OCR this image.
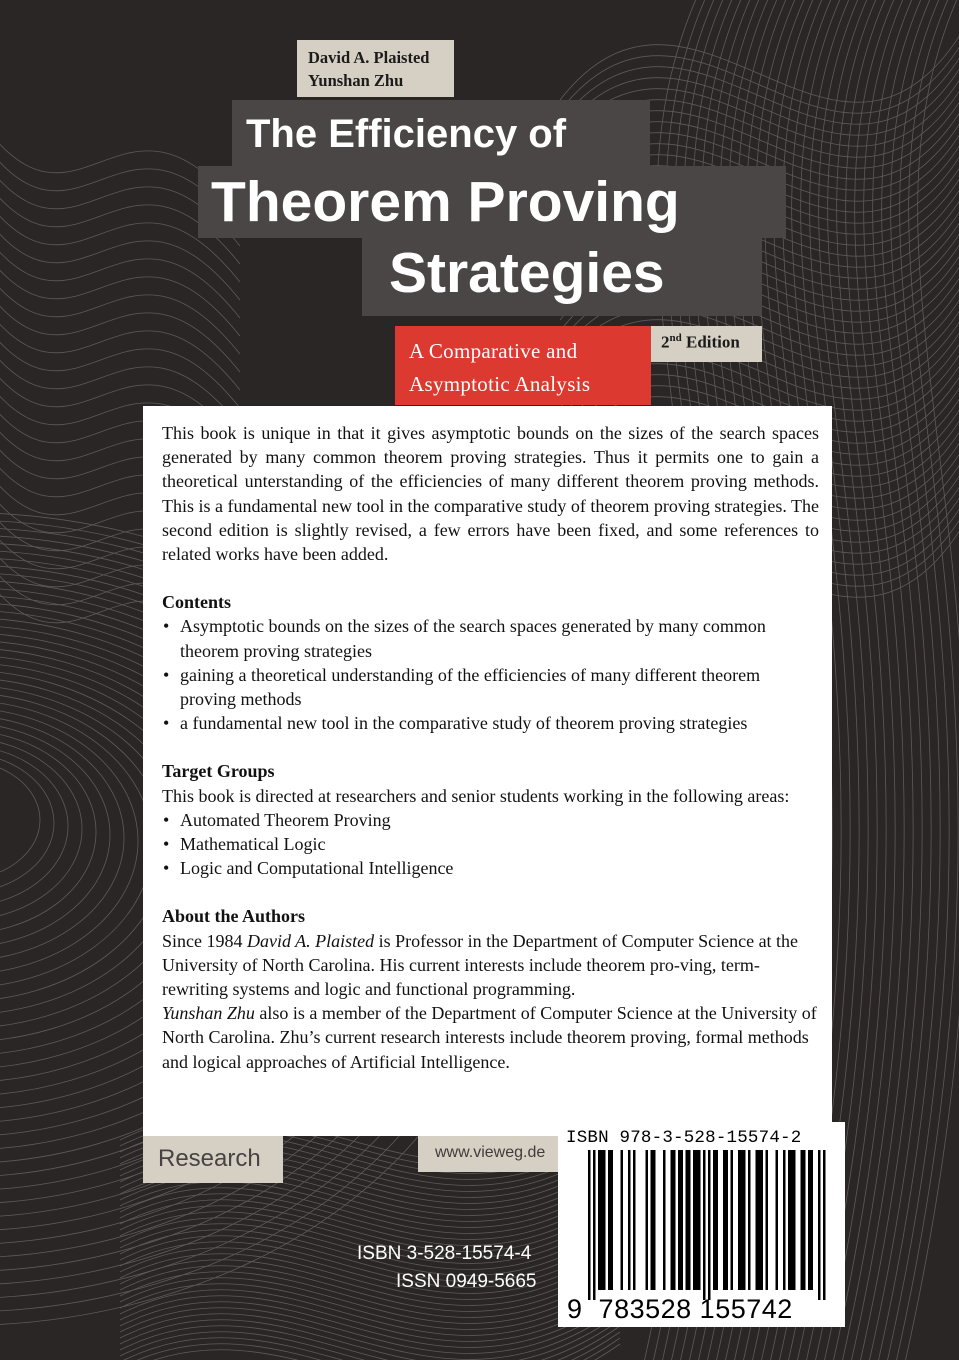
David A. Plaisted
Yunshan Zhu
The Efficiency of
Theorem Proving
Strategies
A Comparative and
Asymptotic Analysis
2nd Edition

This book is unique in that it gives asymptotic bounds on the sizes of the search spaces generated by many common theorem proving strategies. Thus it permits one to gain a theoretical unterstanding of the efficiencies of many different theorem proving methods. This is a fundamental new tool in the comparative study of theorem proving strategies. The second edition is slightly revised, a few errors have been fixed, and some references to related works have been added.

Contents

• Asymptotic bounds on the sizes of the search spaces generated by many common theorem proving strategies
• gaining a theoretical understanding of the efficiencies of many different theorem proving methods
• a fundamental new tool in the comparative study of theorem proving strategies

Target Groups

This book is directed at researchers and senior students working in the following areas:

• Automated Theorem Proving
• Mathematical Logic
• Logic and Computational Intelligence

About the Authors

Since 1984 David A. Plaisted is Professor in the Department of Computer Science at the University of North Carolina. His current interests include theorem pro-ving, term-rewriting systems and logic and functional programming.

Yunshan Zhu also is a member of the Department of Computer Science at the University of North Carolina. Zhu’s current research interests include theorem proving, formal methods and logical approaches of Artificial Intelligence.

Research	www.vieweg.de
ISBN 3-528-15574-4
ISSN 0949-5665
ISBN 978-3-528-15574-2
9 783528 155742
